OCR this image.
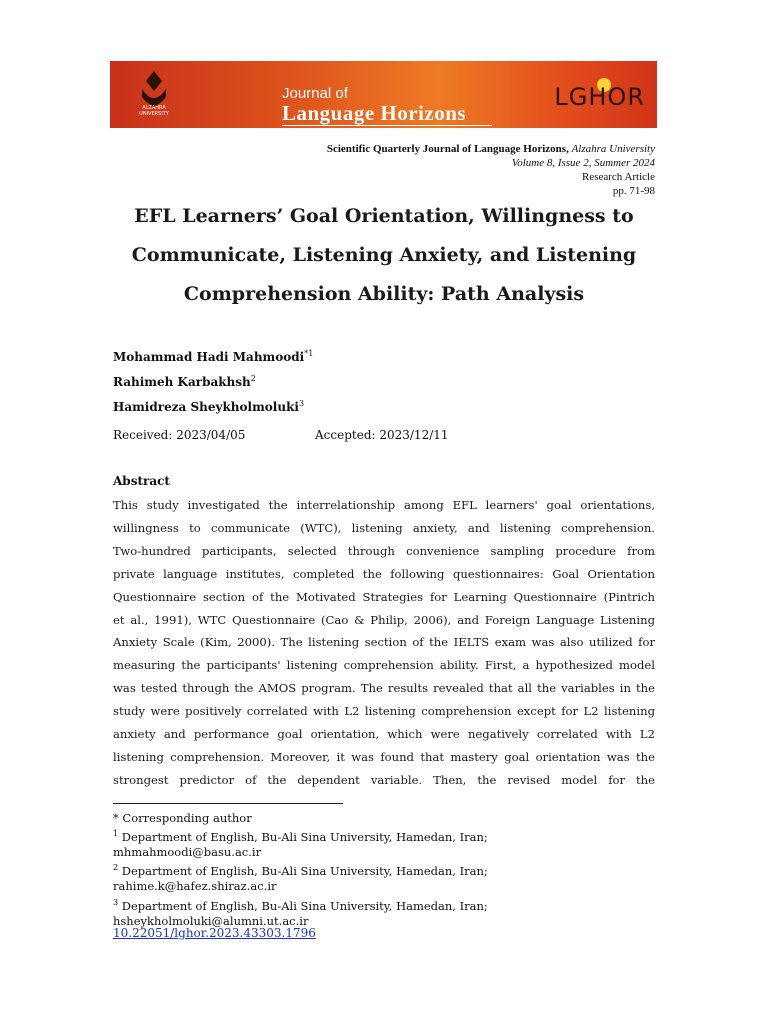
ALZAHRA UNIVERSITY
Journal of
Language Horizons
LGHOR
Scientific Quarterly Journal of Language Horizons, Alzahra University
Volume 8, Issue 2, Summer 2024
Research Article
pp. 71-98
EFL Learners’ Goal Orientation, Willingness to
Communicate, Listening Anxiety, and Listening
Comprehension Ability: Path Analysis
Mohammad Hadi Mahmoodi$^{*1}$
Rahimeh Karbakhsh$^2$
Hamidreza Sheykholmoluki$^3$
Received: 2023/04/05	Accepted: 2023/12/11
Abstract
This study investigated the interrelationship among EFL learners' goal orientations,
willingness to communicate (WTC), listening anxiety, and listening comprehension.
Two-hundred participants, selected through convenience sampling procedure from
private language institutes, completed the following questionnaires: Goal Orientation
Questionnaire section of the Motivated Strategies for Learning Questionnaire (Pintrich
et al., 1991), WTC Questionnaire (Cao & Philip, 2006), and Foreign Language Listening
Anxiety Scale (Kim, 2000). The listening section of the IELTS exam was also utilized for
measuring the participants' listening comprehension ability. First, a hypothesized model
was tested through the AMOS program. The results revealed that all the variables in the
study were positively correlated with L2 listening comprehension except for L2 listening
anxiety and performance goal orientation, which were negatively correlated with L2
listening comprehension. Moreover, it was found that mastery goal orientation was the
strongest predictor of the dependent variable. Then, the revised model for the
* Corresponding author
$^1$ Department of English, Bu-Ali Sina University, Hamedan, Iran;
mhmahmoodi@basu.ac.ir
$^2$ Department of English, Bu-Ali Sina University, Hamedan, Iran;
rahime.k@hafez.shiraz.ac.ir
$^3$ Department of English, Bu-Ali Sina University, Hamedan, Iran;
hsheykholmoluki@alumni.ut.ac.ir
10.22051/lghor.2023.43303.1796
